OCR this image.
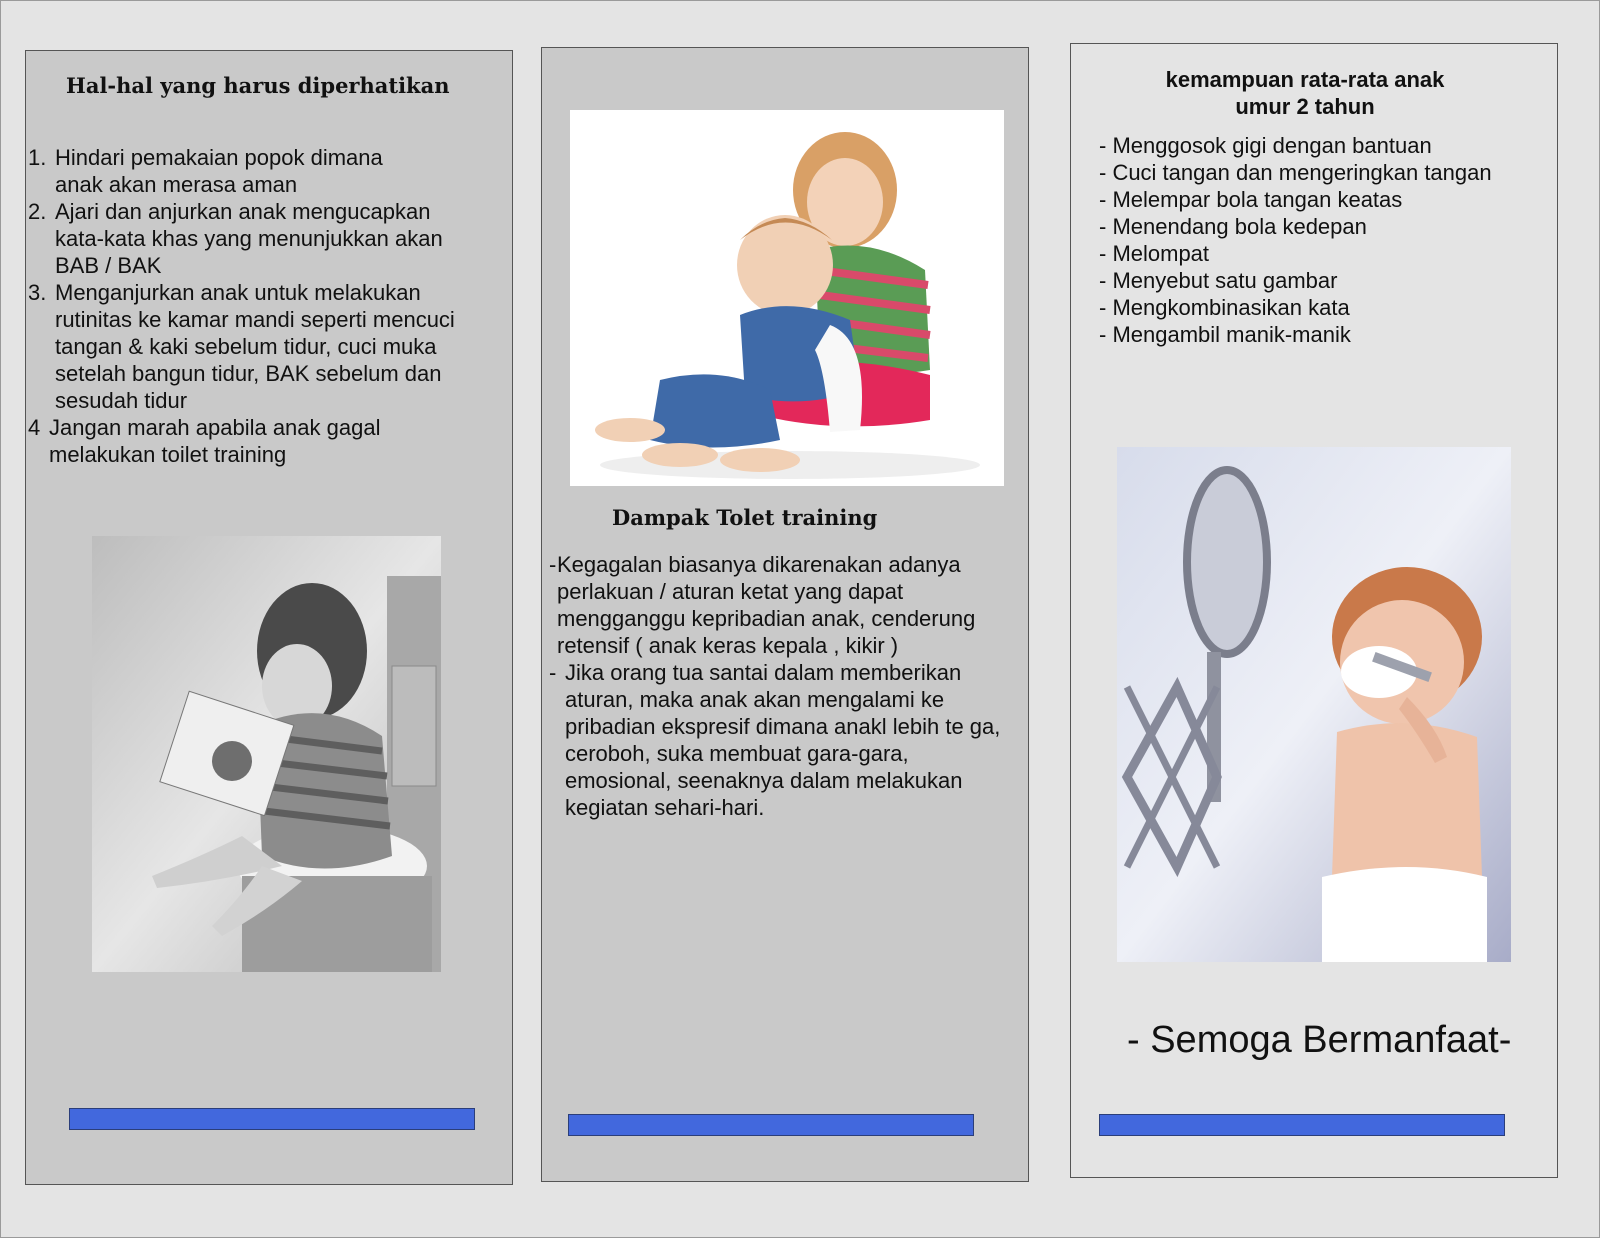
Hal-hal yang harus diperhatikan
1. Hindari pemakaian popok dimana anak akan merasa aman
2. Ajari dan anjurkan anak mengucapkan kata-kata khas yang menunjukkan akan BAB / BAK
3. Menganjurkan anak untuk melakukan rutinitas ke kamar mandi seperti mencuci tangan & kaki sebelum tidur, cuci muka setelah bangun tidur, BAK sebelum dan sesudah tidur
4 Jangan marah apabila anak gagal melakukan toilet training
Dampak Tolet training
- Kegagalan biasanya dikarenakan adanya perlakuan / aturan ketat yang dapat mengganggu kepribadian anak, cenderung retensif ( anak keras kepala , kikir )
- Jika orang tua santai dalam memberikan aturan, maka anak akan mengalami ke pribadian ekspresif dimana anakl lebih te ga, ceroboh, suka membuat gara-gara, emosional, seenaknya dalam melakukan kegiatan sehari-hari.
kemampuan rata-rata anak
umur 2 tahun
- Menggosok gigi dengan bantuan
- Cuci tangan dan mengeringkan tangan
- Melempar bola tangan keatas
- Menendang bola kedepan
- Melompat
- Menyebut satu gambar
- Mengkombinasikan kata
- Mengambil manik-manik
- Semoga Bermanfaat-
